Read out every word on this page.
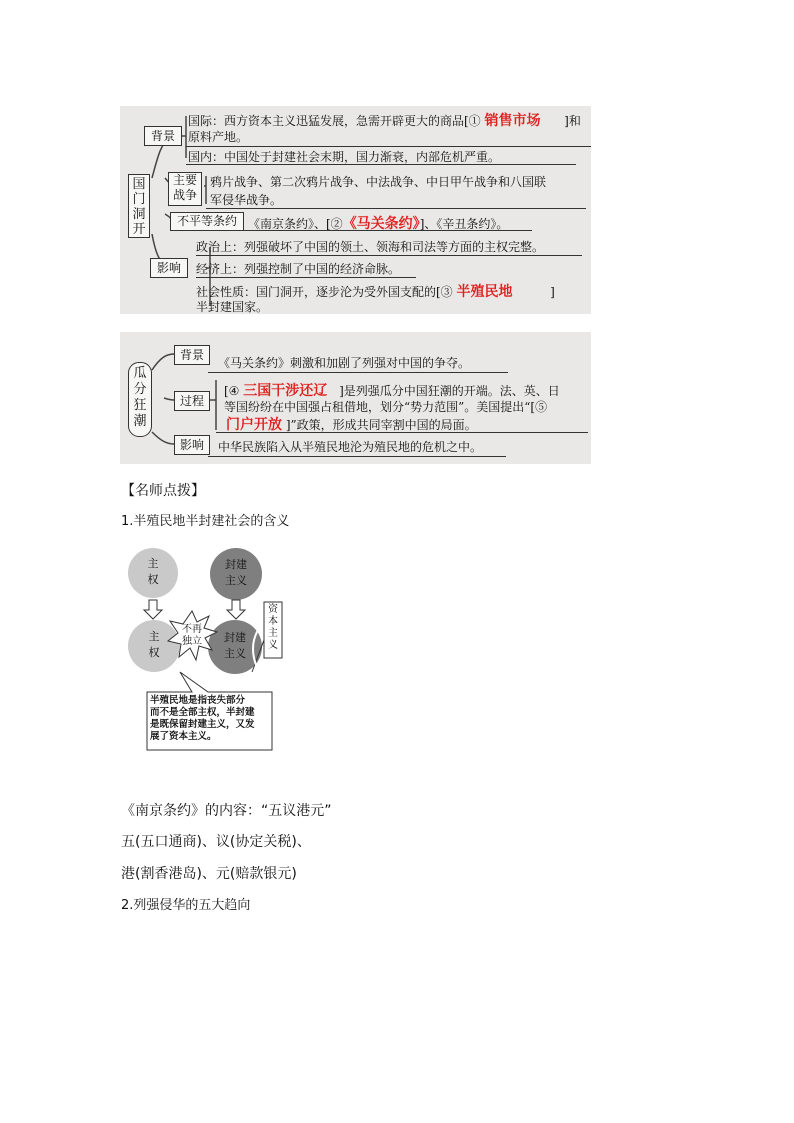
国门洞开
背景
国际：西方资本主义迅猛发展，急需开辟更大的商品[① 销售市场 ]和
原料产地。
国内：中国处于封建社会末期，国力渐衰，内部危机严重。
主要
战争
鸦片战争、第二次鸦片战争、中法战争、中日甲午战争和八国联
军侵华战争。
不平等条约 《南京条约》、[②《马关条约》]、《辛丑条约》。
影响
政治上：列强破坏了中国的领土、领海和司法等方面的主权完整。
经济上：列强控制了中国的经济命脉。
社会性质：国门洞开，逐步沦为受外国支配的[③ 半殖民地	]
半封建国家。
瓜分狂潮
背景
《马关条约》刺激和加剧了列强对中国的争夺。
过程
[④ 三国干涉还辽 ]是列强瓜分中国狂潮的开端。法、英、日
等国纷纷在中国强占租借地，划分“势力范围”。美国提出“[⑤
门户开放 ]”政策，形成共同宰割中国的局面。
影响	中华民族陷入从半殖民地沦为殖民地的危机之中。
【名师点拨】
1.半殖民地半封建社会的含义
主
权
封建
主义
主
权
封建
主义
不再
独立
资
本
主
义
半殖民地是指丧失部分
而不是全部主权，半封建
是既保留封建主义，又发
展了资本主义。
《南京条约》的内容：“五议港元”
五(五口通商)、议(协定关税)、
港(割香港岛)、元(赔款银元)
2.列强侵华的五大趋向
